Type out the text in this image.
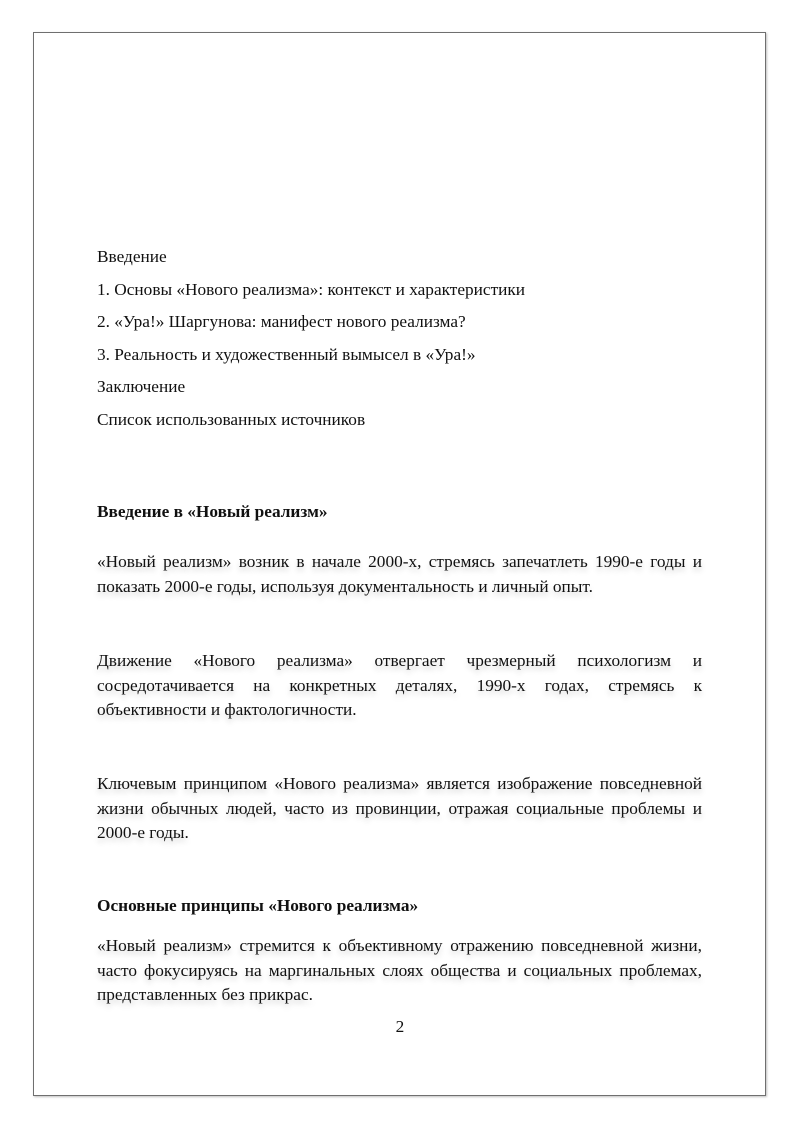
Введение
1. Основы «Нового реализма»: контекст и характеристики
2. «Ура!» Шаргунова: манифест нового реализма?
3. Реальность и художественный вымысел в «Ура!»
Заключение
Список использованных источников
Введение в «Новый реализм»
«Новый реализм» возник в начале 2000-х, стремясь запечатлеть 1990-е годы и показать 2000-е годы, используя документальность и личный опыт.
Движение «Нового реализма» отвергает чрезмерный психологизм и сосредотачивается на конкретных деталях, 1990-х годах, стремясь к объективности и фактологичности.
Ключевым принципом «Нового реализма» является изображение повседневной жизни обычных людей, часто из провинции, отражая социальные проблемы и 2000-е годы.
Основные принципы «Нового реализма»
«Новый реализм» стремится к объективному отражению повседневной жизни, часто фокусируясь на маргинальных слоях общества и социальных проблемах, представленных без прикрас.
2
